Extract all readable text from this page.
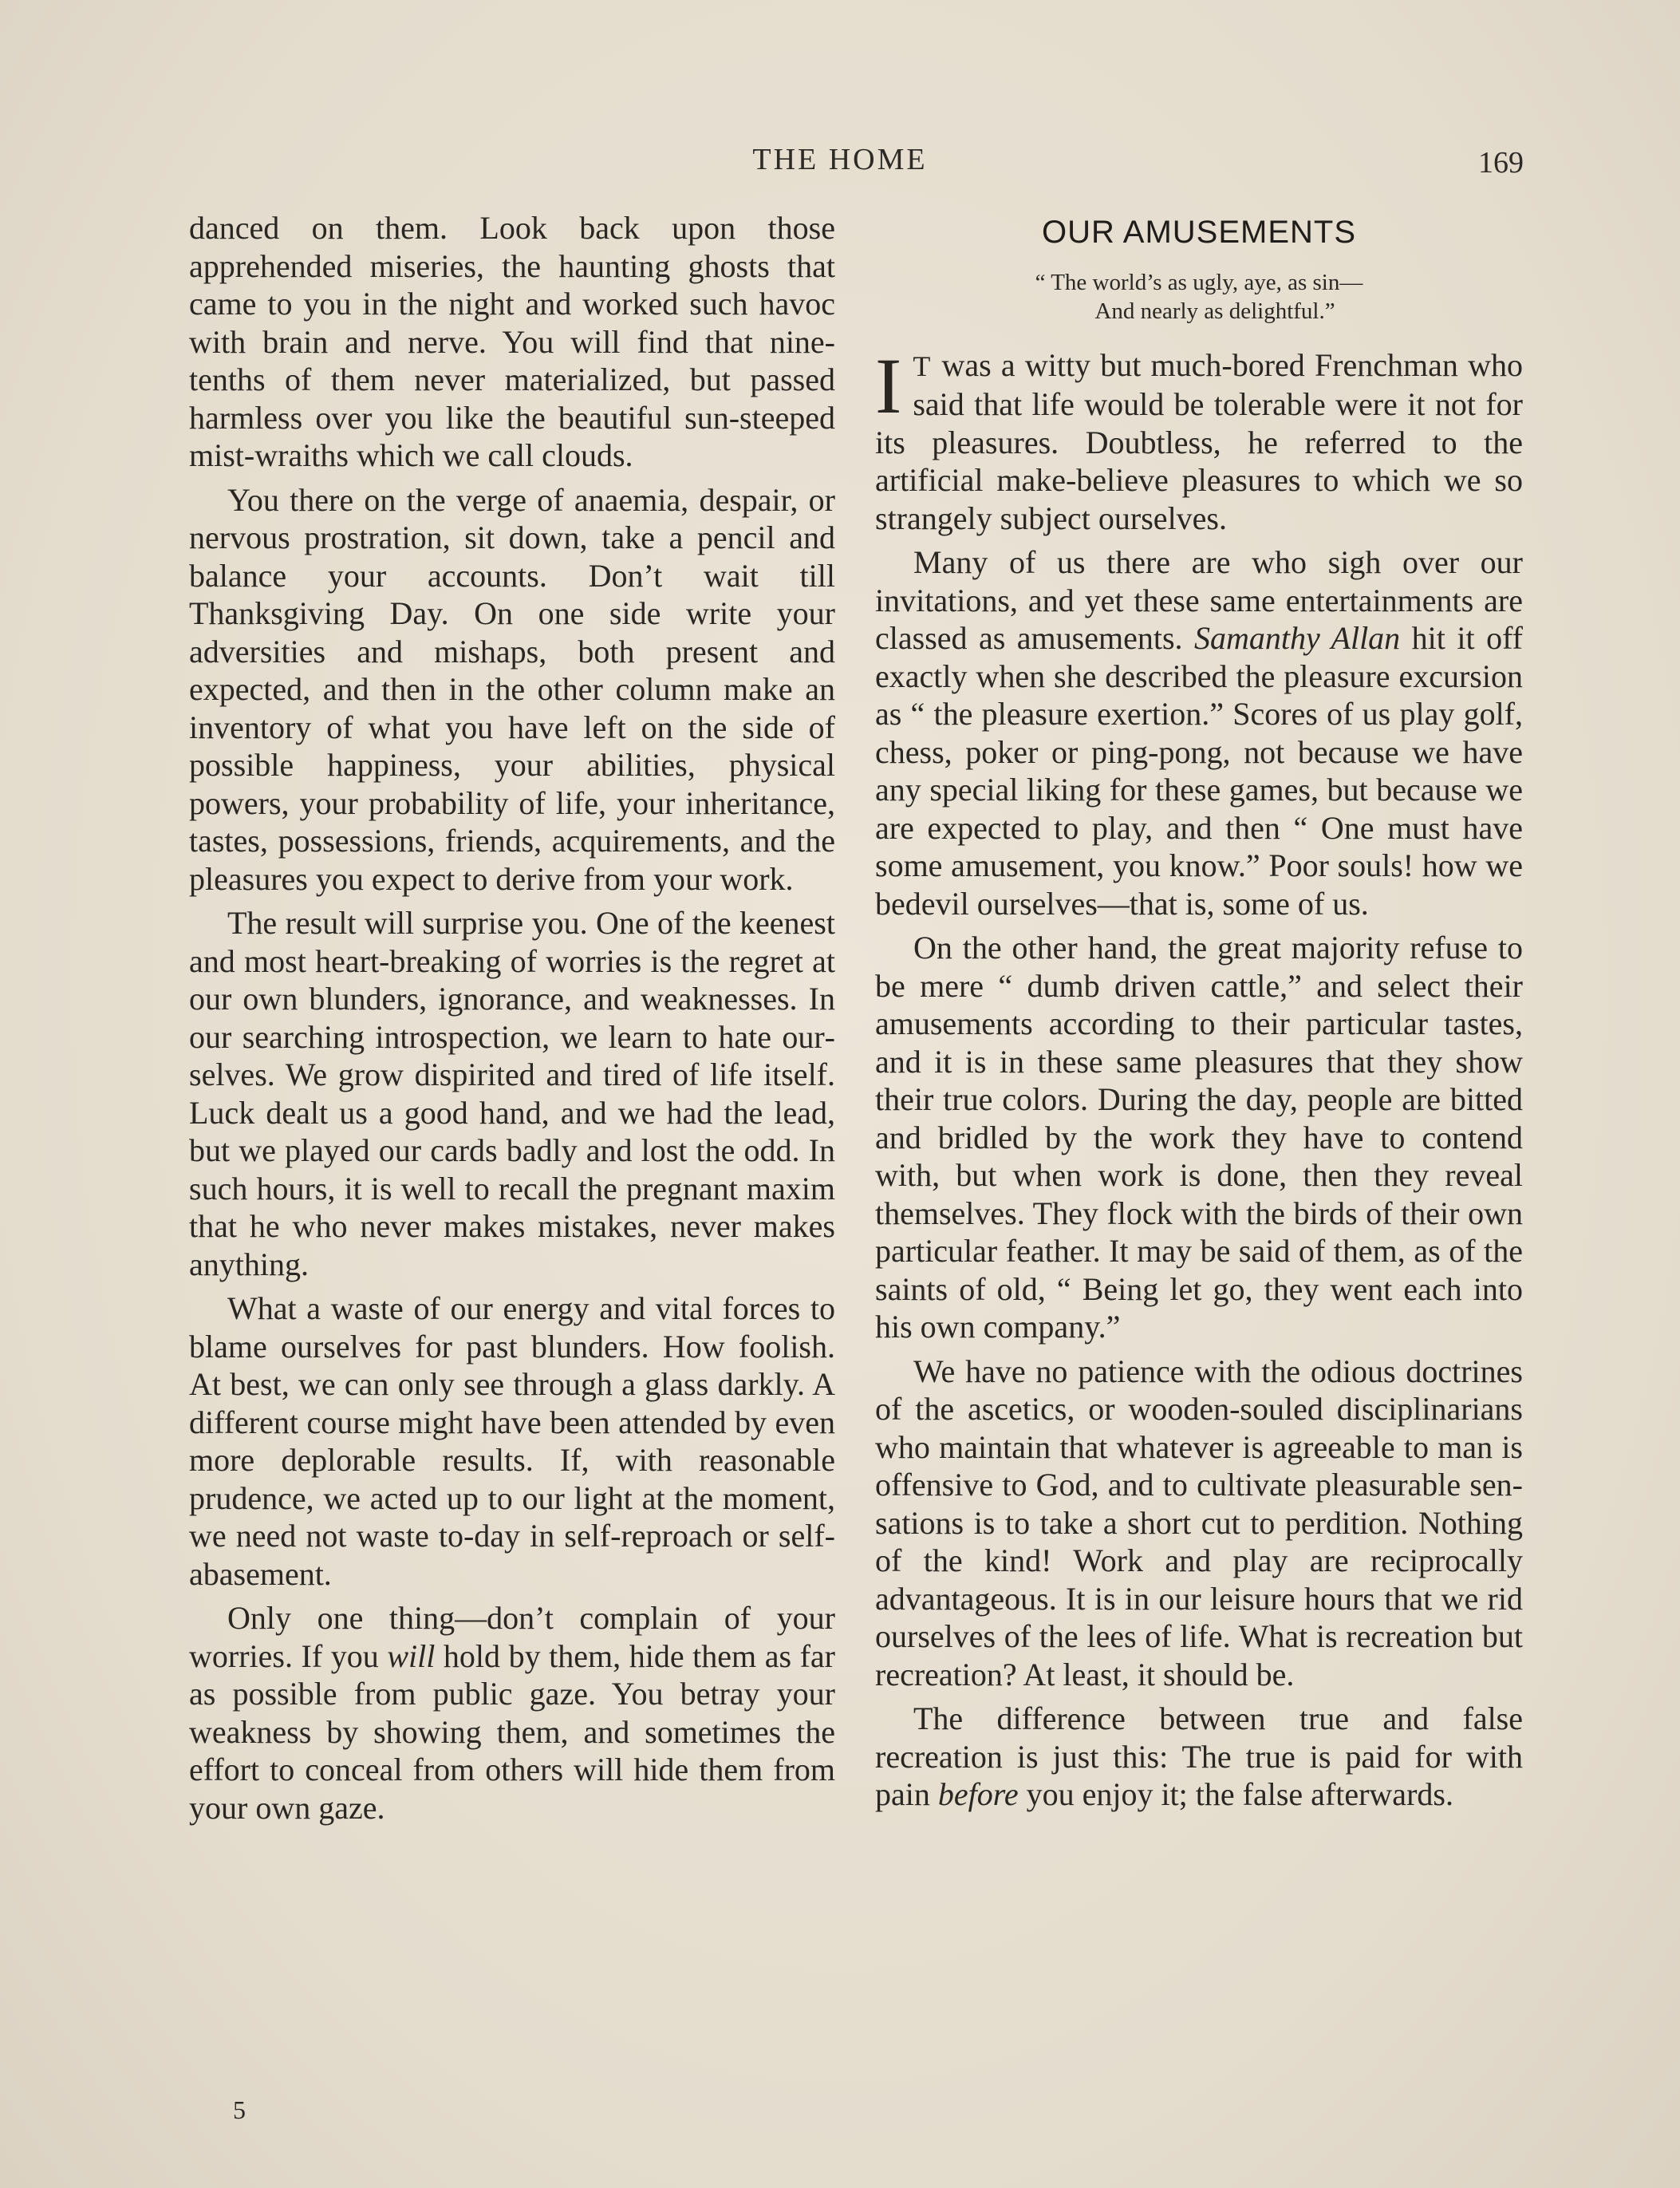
THE HOME	169

danced on them. Look back upon those apprehended miseries, the haunting ghosts that came to you in the night and worked such havoc with brain and nerve. You will find that nine-tenths of them never materialized, but passed harmless over you like the beautiful sun-steeped mist-wraiths which we call clouds.

You there on the verge of anaemia, despair, or nervous prostration, sit down, take a pencil and balance your accounts. Don’t wait till Thanksgiving Day. On one side write your adversities and mishaps, both present and expected, and then in the other column make an inventory of what you have left on the side of possible happiness, your abilities, physical powers, your probability of life, your inheritance, tastes, possessions, friends, acquirements, and the pleasures you expect to derive from your work.

The result will surprise you. One of the keenest and most heart-breaking of worries is the regret at our own blunders, ignorance, and weaknesses. In our searching introspection, we learn to hate ourselves. We grow dispirited and tired of life itself. Luck dealt us a good hand, and we had the lead, but we played our cards badly and lost the odd. In such hours, it is well to recall the pregnant maxim that he who never makes mistakes, never makes anything.

What a waste of our energy and vital forces to blame ourselves for past blunders. How foolish. At best, we can only see through a glass darkly. A different course might have been attended by even more deplorable results. If, with reasonable prudence, we acted up to our light at the moment, we need not waste to-day in self-reproach or self-abasement.

Only one thing—don’t complain of your worries. If you will hold by them, hide them as far as possible from public gaze. You betray your weakness by showing them, and sometimes the effort to conceal from others will hide them from your own gaze.

5
OUR AMUSEMENTS
“ The world’s as ugly, aye, as sin—
And nearly as delightful.”

I T was a witty but much-bored Frenchman who said that life would be tolerable were it not for its pleasures. Doubtless, he referred to the artificial make-believe pleasures to which we so strangely subject ourselves.

Many of us there are who sigh over our invitations, and yet these same entertainments are classed as amusements. Samanthy Allan hit it off exactly when she described the pleasure excursion as “ the pleasure exertion.” Scores of us play golf, chess, poker or ping-pong, not because we have any special liking for these games, but because we are expected to play, and then “ One must have some amusement, you know.” Poor souls! how we bedevil ourselves—that is, some of us.

On the other hand, the great majority refuse to be mere “ dumb driven cattle,” and select their amusements according to their particular tastes, and it is in these same pleasures that they show their true colors. During the day, people are bitted and bridled by the work they have to contend with, but when work is done, then they reveal themselves. They flock with the birds of their own particular feather. It may be said of them, as of the saints of old, “ Being let go, they went each into his own company.”

We have no patience with the odious doctrines of the ascetics, or wooden-souled disciplinarians who maintain that whatever is agreeable to man is offensive to God, and to cultivate pleasurable sensations is to take a short cut to perdition. Nothing of the kind! Work and play are reciprocally advantageous. It is in our leisure hours that we rid ourselves of the lees of life. What is recreation but recreation? At least, it should be.

The difference between true and false recreation is just this: The true is paid for with pain before you enjoy it; the false afterwards.
